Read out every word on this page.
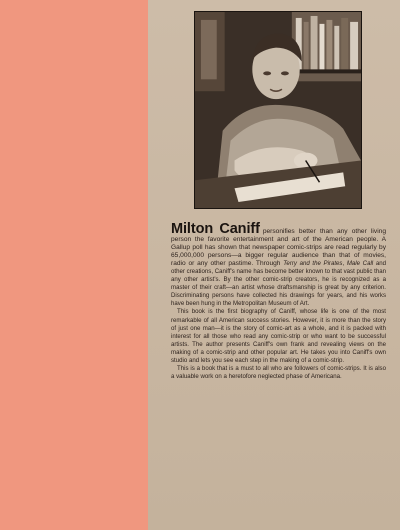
Milton Caniff personifies better than any other living person the favorite entertainment and art of the American people. A Gallup poll has shown that newspaper comic-strips are read regularly by 65,000,000 persons—a bigger regular audience than that of movies, radio or any other pastime. Through Terry and the Pirates, Male Call and other creations, Caniff's name has become better known to that vast public than any other artist's. By the other comic-strip creators, he is recognized as a master of their craft—an artist whose draftsmanship is great by any criterion. Discriminating persons have collected his drawings for years, and his works have been hung in the Metropolitan Museum of Art.

This book is the first biography of Caniff, whose life is one of the most remarkable of all American success stories. However, it is more than the story of just one man—it is the story of comic-art as a whole, and it is packed with interest for all those who read any comic-strip or who want to be successful artists. The author presents Caniff's own frank and revealing views on the making of a comic-strip and other popular art. He takes you into Caniff's own studio and lets you see each step in the making of a comic-strip.

This is a book that is a must to all who are followers of comic-strips. It is also a valuable work on a heretofore neglected phase of Americana.
